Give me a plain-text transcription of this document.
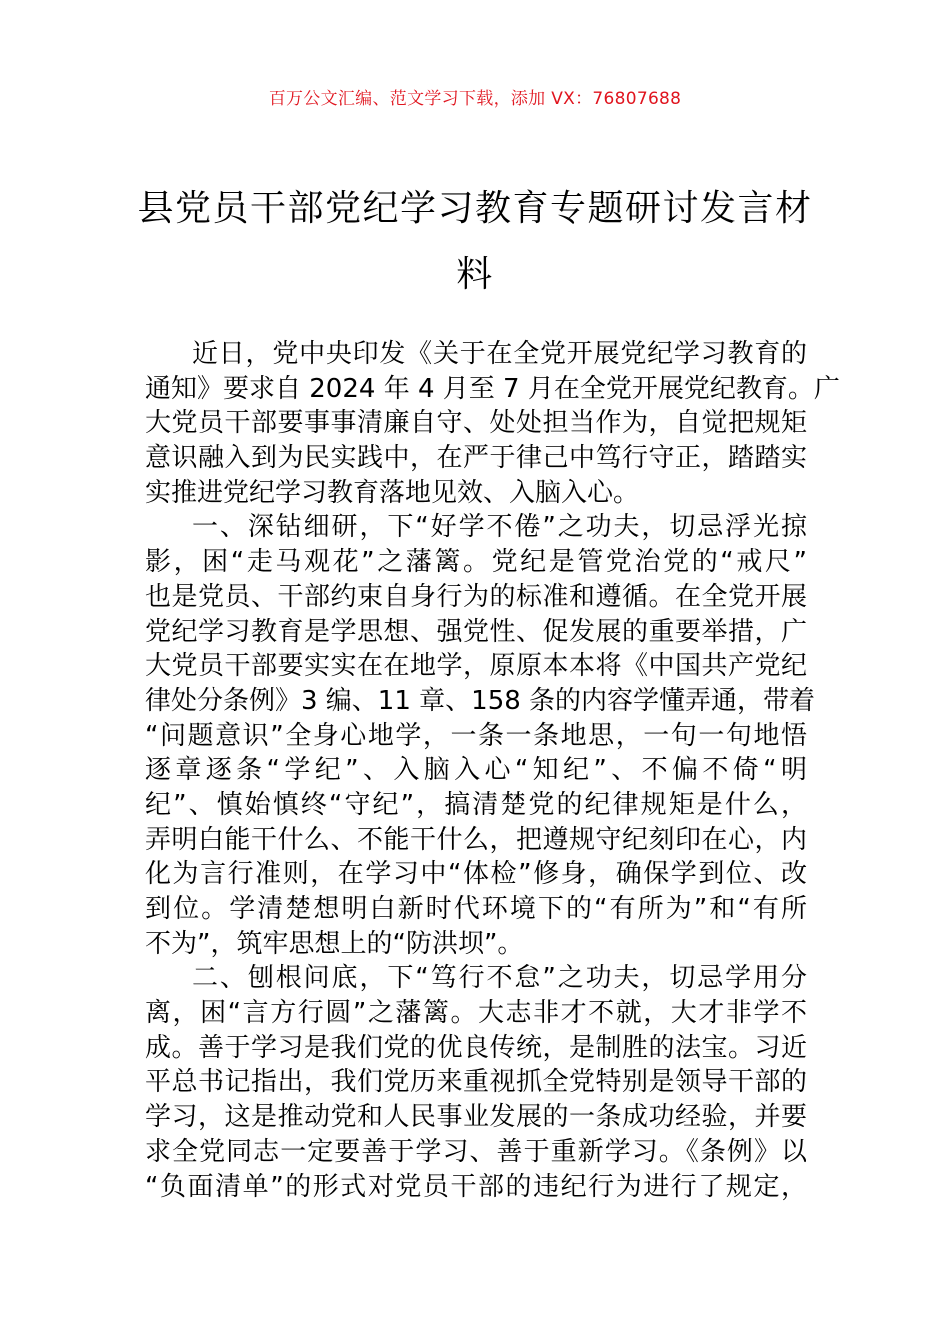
百万公文汇编、范文学习下载，添加 VX：76807688
县党员干部党纪学习教育专题研讨发言材
料
近日，党中央印发《关于在全党开展党纪学习教育的
通知》要求自 2024 年 4 月至 7 月在全党开展党纪教育。广
大党员干部要事事清廉自守、处处担当作为，自觉把规矩
意识融入到为民实践中，在严于律己中笃行守正，踏踏实
实推进党纪学习教育落地见效、入脑入心。
一、深钻细研，下“好学不倦”之功夫，切忌浮光掠
影，困“走马观花”之藩篱。党纪是管党治党的“戒尺”
也是党员、干部约束自身行为的标准和遵循。在全党开展
党纪学习教育是学思想、强党性、促发展的重要举措，广
大党员干部要实实在在地学，原原本本将《中国共产党纪
律处分条例》3 编、11 章、158 条的内容学懂弄通，带着
“问题意识”全身心地学，一条一条地思，一句一句地悟
逐章逐条“学纪”、入脑入心“知纪”、不偏不倚“明
纪”、慎始慎终“守纪”，搞清楚党的纪律规矩是什么，
弄明白能干什么、不能干什么，把遵规守纪刻印在心，内
化为言行准则，在学习中“体检”修身，确保学到位、改
到位。学清楚想明白新时代环境下的“有所为”和“有所
不为”，筑牢思想上的“防洪坝”。
二、刨根问底，下“笃行不怠”之功夫，切忌学用分
离，困“言方行圆”之藩篱。大志非才不就，大才非学不
成。善于学习是我们党的优良传统，是制胜的法宝。习近
平总书记指出，我们党历来重视抓全党特别是领导干部的
学习，这是推动党和人民事业发展的一条成功经验，并要
求全党同志一定要善于学习、善于重新学习。《条例》以
“负面清单”的形式对党员干部的违纪行为进行了规定，
